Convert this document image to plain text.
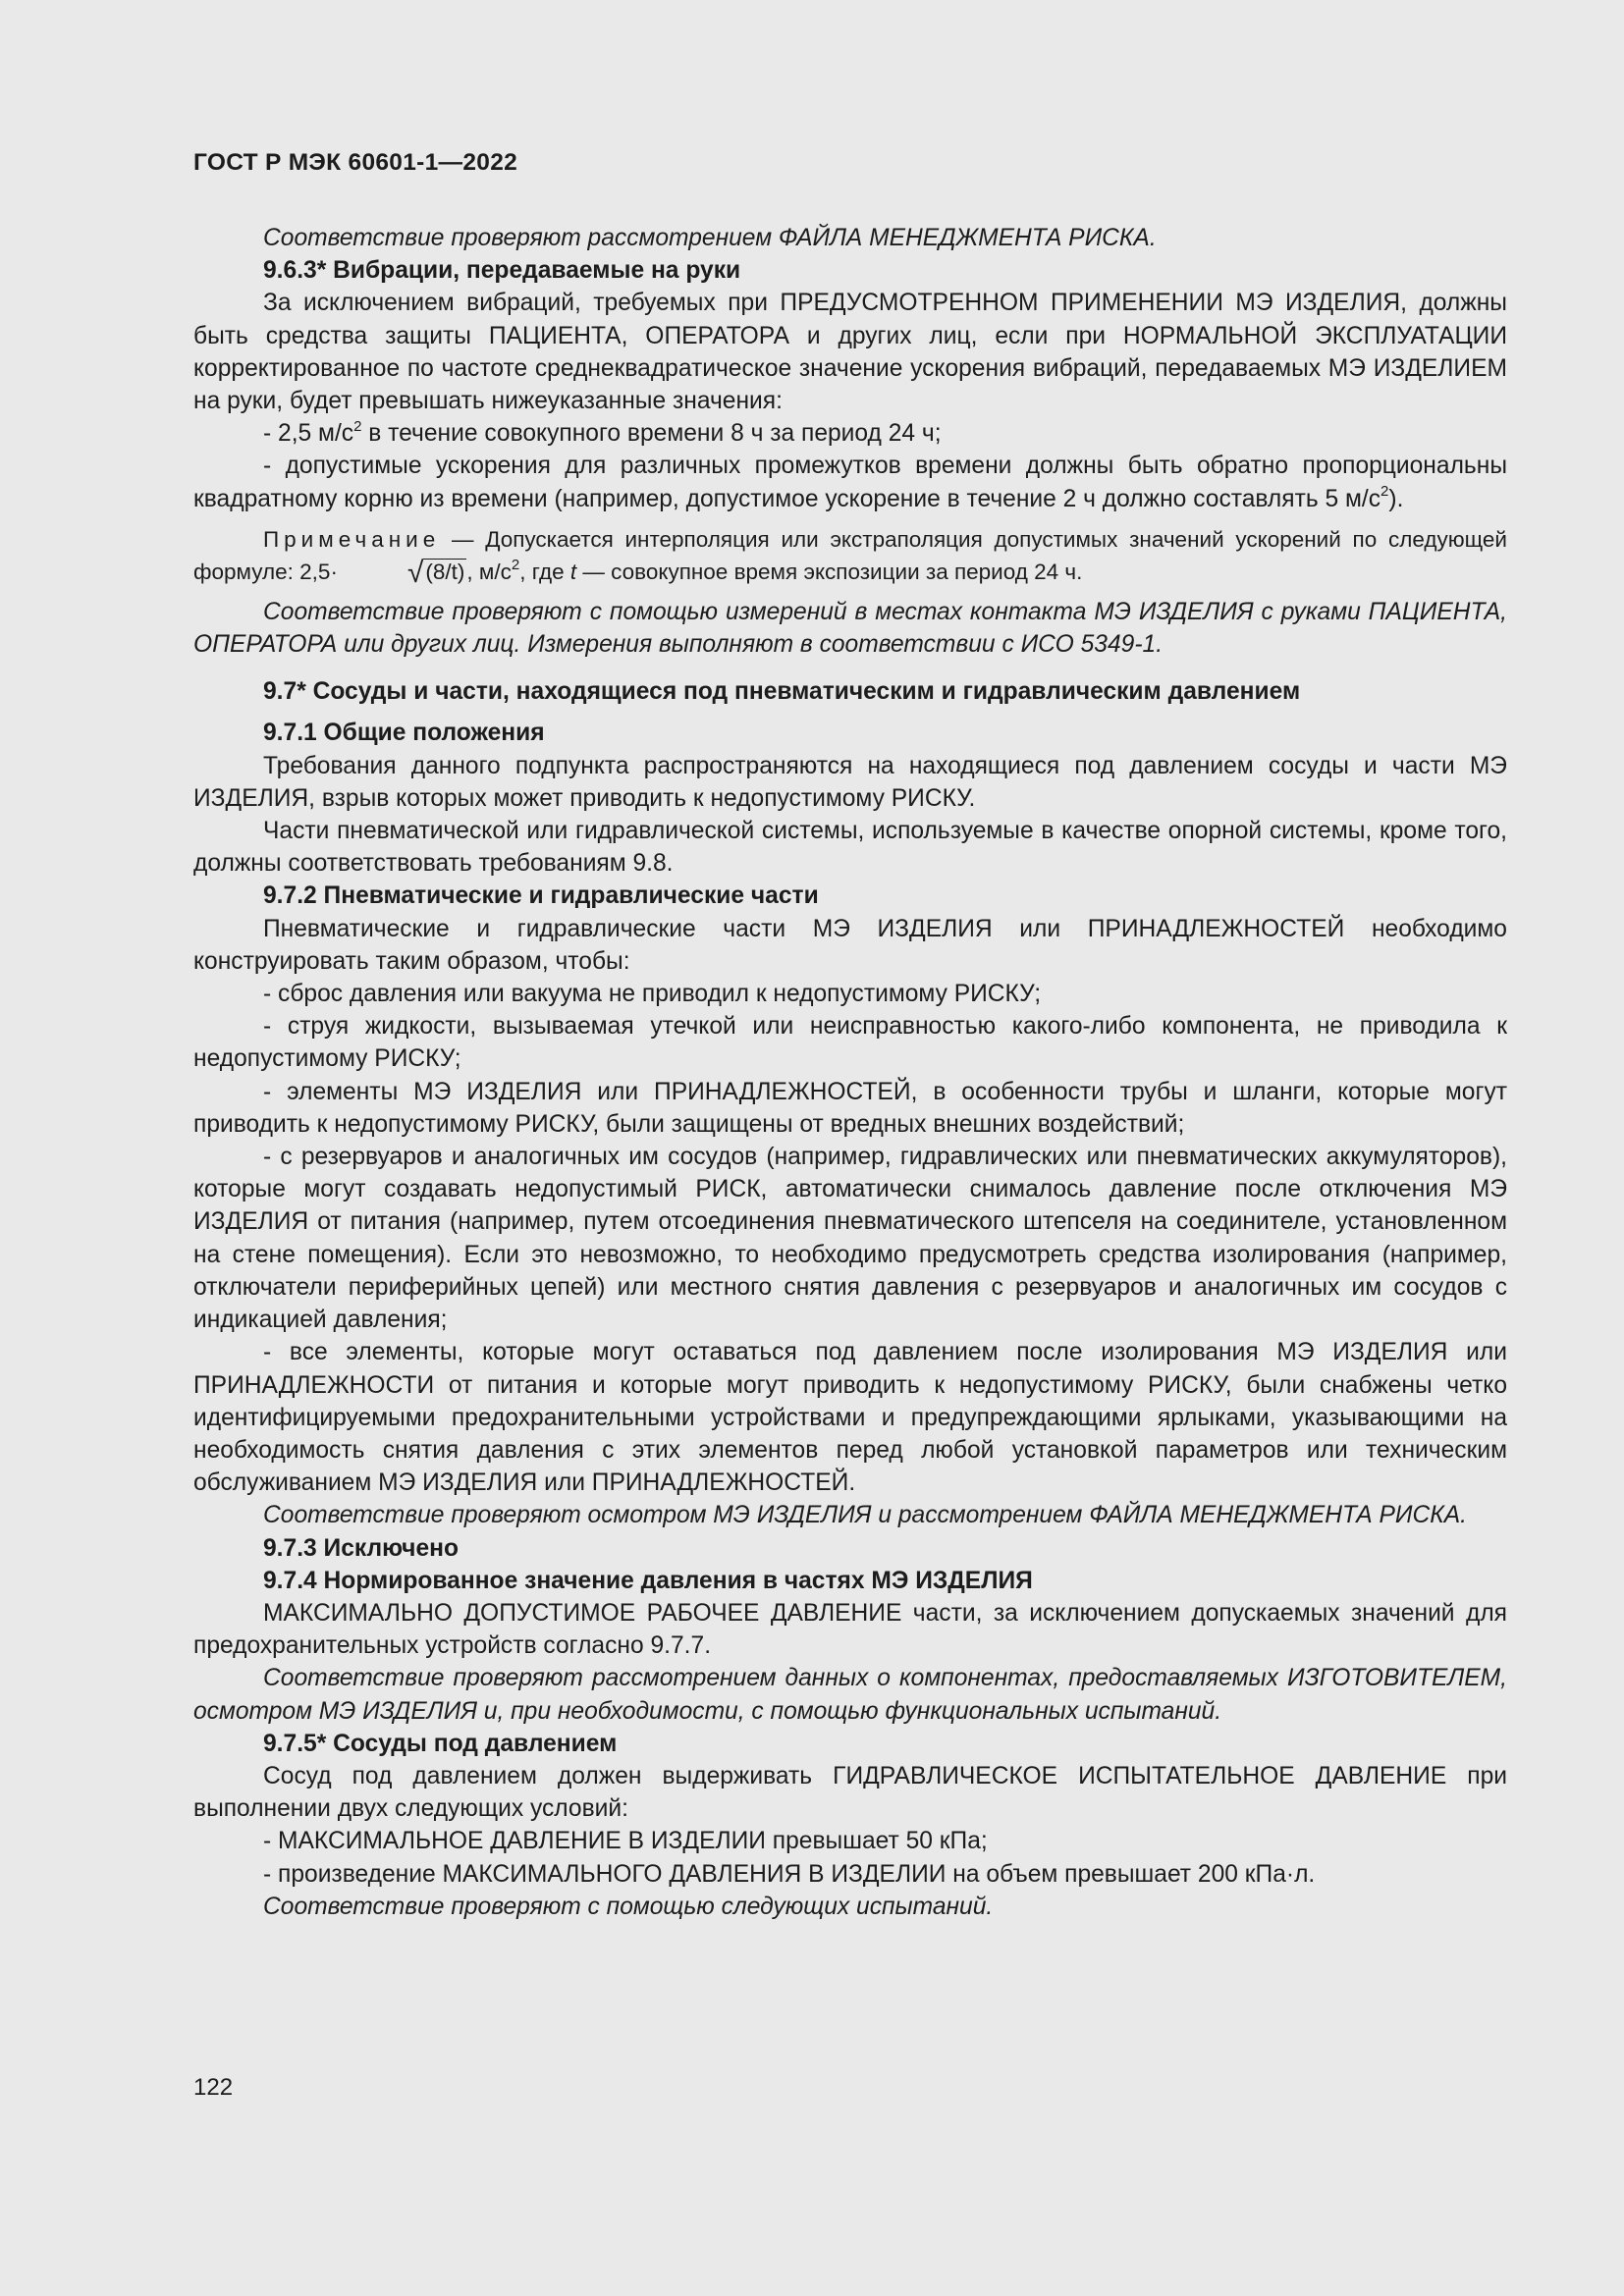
ГОСТ Р МЭК 60601-1—2022

Соответствие проверяют рассмотрением ФАЙЛА МЕНЕДЖМЕНТА РИСКА.

9.6.3* Вибрации, передаваемые на руки

За исключением вибраций, требуемых при ПРЕДУСМОТРЕННОМ ПРИМЕНЕНИИ МЭ ИЗДЕЛИЯ, должны быть средства защиты ПАЦИЕНТА, ОПЕРАТОРА и других лиц, если при НОРМАЛЬНОЙ ЭКСПЛУАТАЦИИ корректированное по частоте среднеквадратическое значение ускорения вибраций, передаваемых МЭ ИЗДЕЛИЕМ на руки, будет превышать нижеуказанные значения:

- 2,5 $м/с^2$ в течение совокупного времени 8 ч за период 24 ч;

- допустимые ускорения для различных промежутков времени должны быть обратно пропорциональны квадратному корню из времени (например, допустимое ускорение в течение 2 ч должно составлять 5 $м/с^2$).

Примечание — Допускается интерполяция или экстраполяция допустимых значений ускорений по следующей формуле: 2,5· √(8/t), $м/с^2$, где t — совокупное время экспозиции за период 24 ч.

Соответствие проверяют с помощью измерений в местах контакта МЭ ИЗДЕЛИЯ с руками ПАЦИЕНТА, ОПЕРАТОРА или других лиц. Измерения выполняют в соответствии с ИСО 5349-1.

9.7* Сосуды и части, находящиеся под пневматическим и гидравлическим давлением

9.7.1 Общие положения

Требования данного подпункта распространяются на находящиеся под давлением сосуды и части МЭ ИЗДЕЛИЯ, взрыв которых может приводить к недопустимому РИСКУ.

Части пневматической или гидравлической системы, используемые в качестве опорной системы, кроме того, должны соответствовать требованиям 9.8.

9.7.2 Пневматические и гидравлические части

Пневматические и гидравлические части МЭ ИЗДЕЛИЯ или ПРИНАДЛЕЖНОСТЕЙ необходимо конструировать таким образом, чтобы:

- сброс давления или вакуума не приводил к недопустимому РИСКУ;

- струя жидкости, вызываемая утечкой или неисправностью какого-либо компонента, не приводила к недопустимому РИСКУ;

- элементы МЭ ИЗДЕЛИЯ или ПРИНАДЛЕЖНОСТЕЙ, в особенности трубы и шланги, которые могут приводить к недопустимому РИСКУ, были защищены от вредных внешних воздействий;

- с резервуаров и аналогичных им сосудов (например, гидравлических или пневматических аккумуляторов), которые могут создавать недопустимый РИСК, автоматически снималось давление после отключения МЭ ИЗДЕЛИЯ от питания (например, путем отсоединения пневматического штепселя на соединителе, установленном на стене помещения). Если это невозможно, то необходимо предусмотреть средства изолирования (например, отключатели периферийных цепей) или местного снятия давления с резервуаров и аналогичных им сосудов с индикацией давления;

- все элементы, которые могут оставаться под давлением после изолирования МЭ ИЗДЕЛИЯ или ПРИНАДЛЕЖНОСТИ от питания и которые могут приводить к недопустимому РИСКУ, были снабжены четко идентифицируемыми предохранительными устройствами и предупреждающими ярлыками, указывающими на необходимость снятия давления с этих элементов перед любой установкой параметров или техническим обслуживанием МЭ ИЗДЕЛИЯ или ПРИНАДЛЕЖНОСТЕЙ.

Соответствие проверяют осмотром МЭ ИЗДЕЛИЯ и рассмотрением ФАЙЛА МЕНЕДЖМЕНТА РИСКА.

9.7.3 Исключено

9.7.4 Нормированное значение давления в частях МЭ ИЗДЕЛИЯ

МАКСИМАЛЬНО ДОПУСТИМОЕ РАБОЧЕЕ ДАВЛЕНИЕ части, за исключением допускаемых значений для предохранительных устройств согласно 9.7.7.

Соответствие проверяют рассмотрением данных о компонентах, предоставляемых ИЗГОТОВИТЕЛЕМ, осмотром МЭ ИЗДЕЛИЯ и, при необходимости, с помощью функциональных испытаний.

9.7.5* Сосуды под давлением

Сосуд под давлением должен выдерживать ГИДРАВЛИЧЕСКОЕ ИСПЫТАТЕЛЬНОЕ ДАВЛЕНИЕ при выполнении двух следующих условий:

- МАКСИМАЛЬНОЕ ДАВЛЕНИЕ В ИЗДЕЛИИ превышает 50 кПа;

- произведение МАКСИМАЛЬНОГО ДАВЛЕНИЯ В ИЗДЕЛИИ на объем превышает 200 кПа·л.

Соответствие проверяют с помощью следующих испытаний.

122
